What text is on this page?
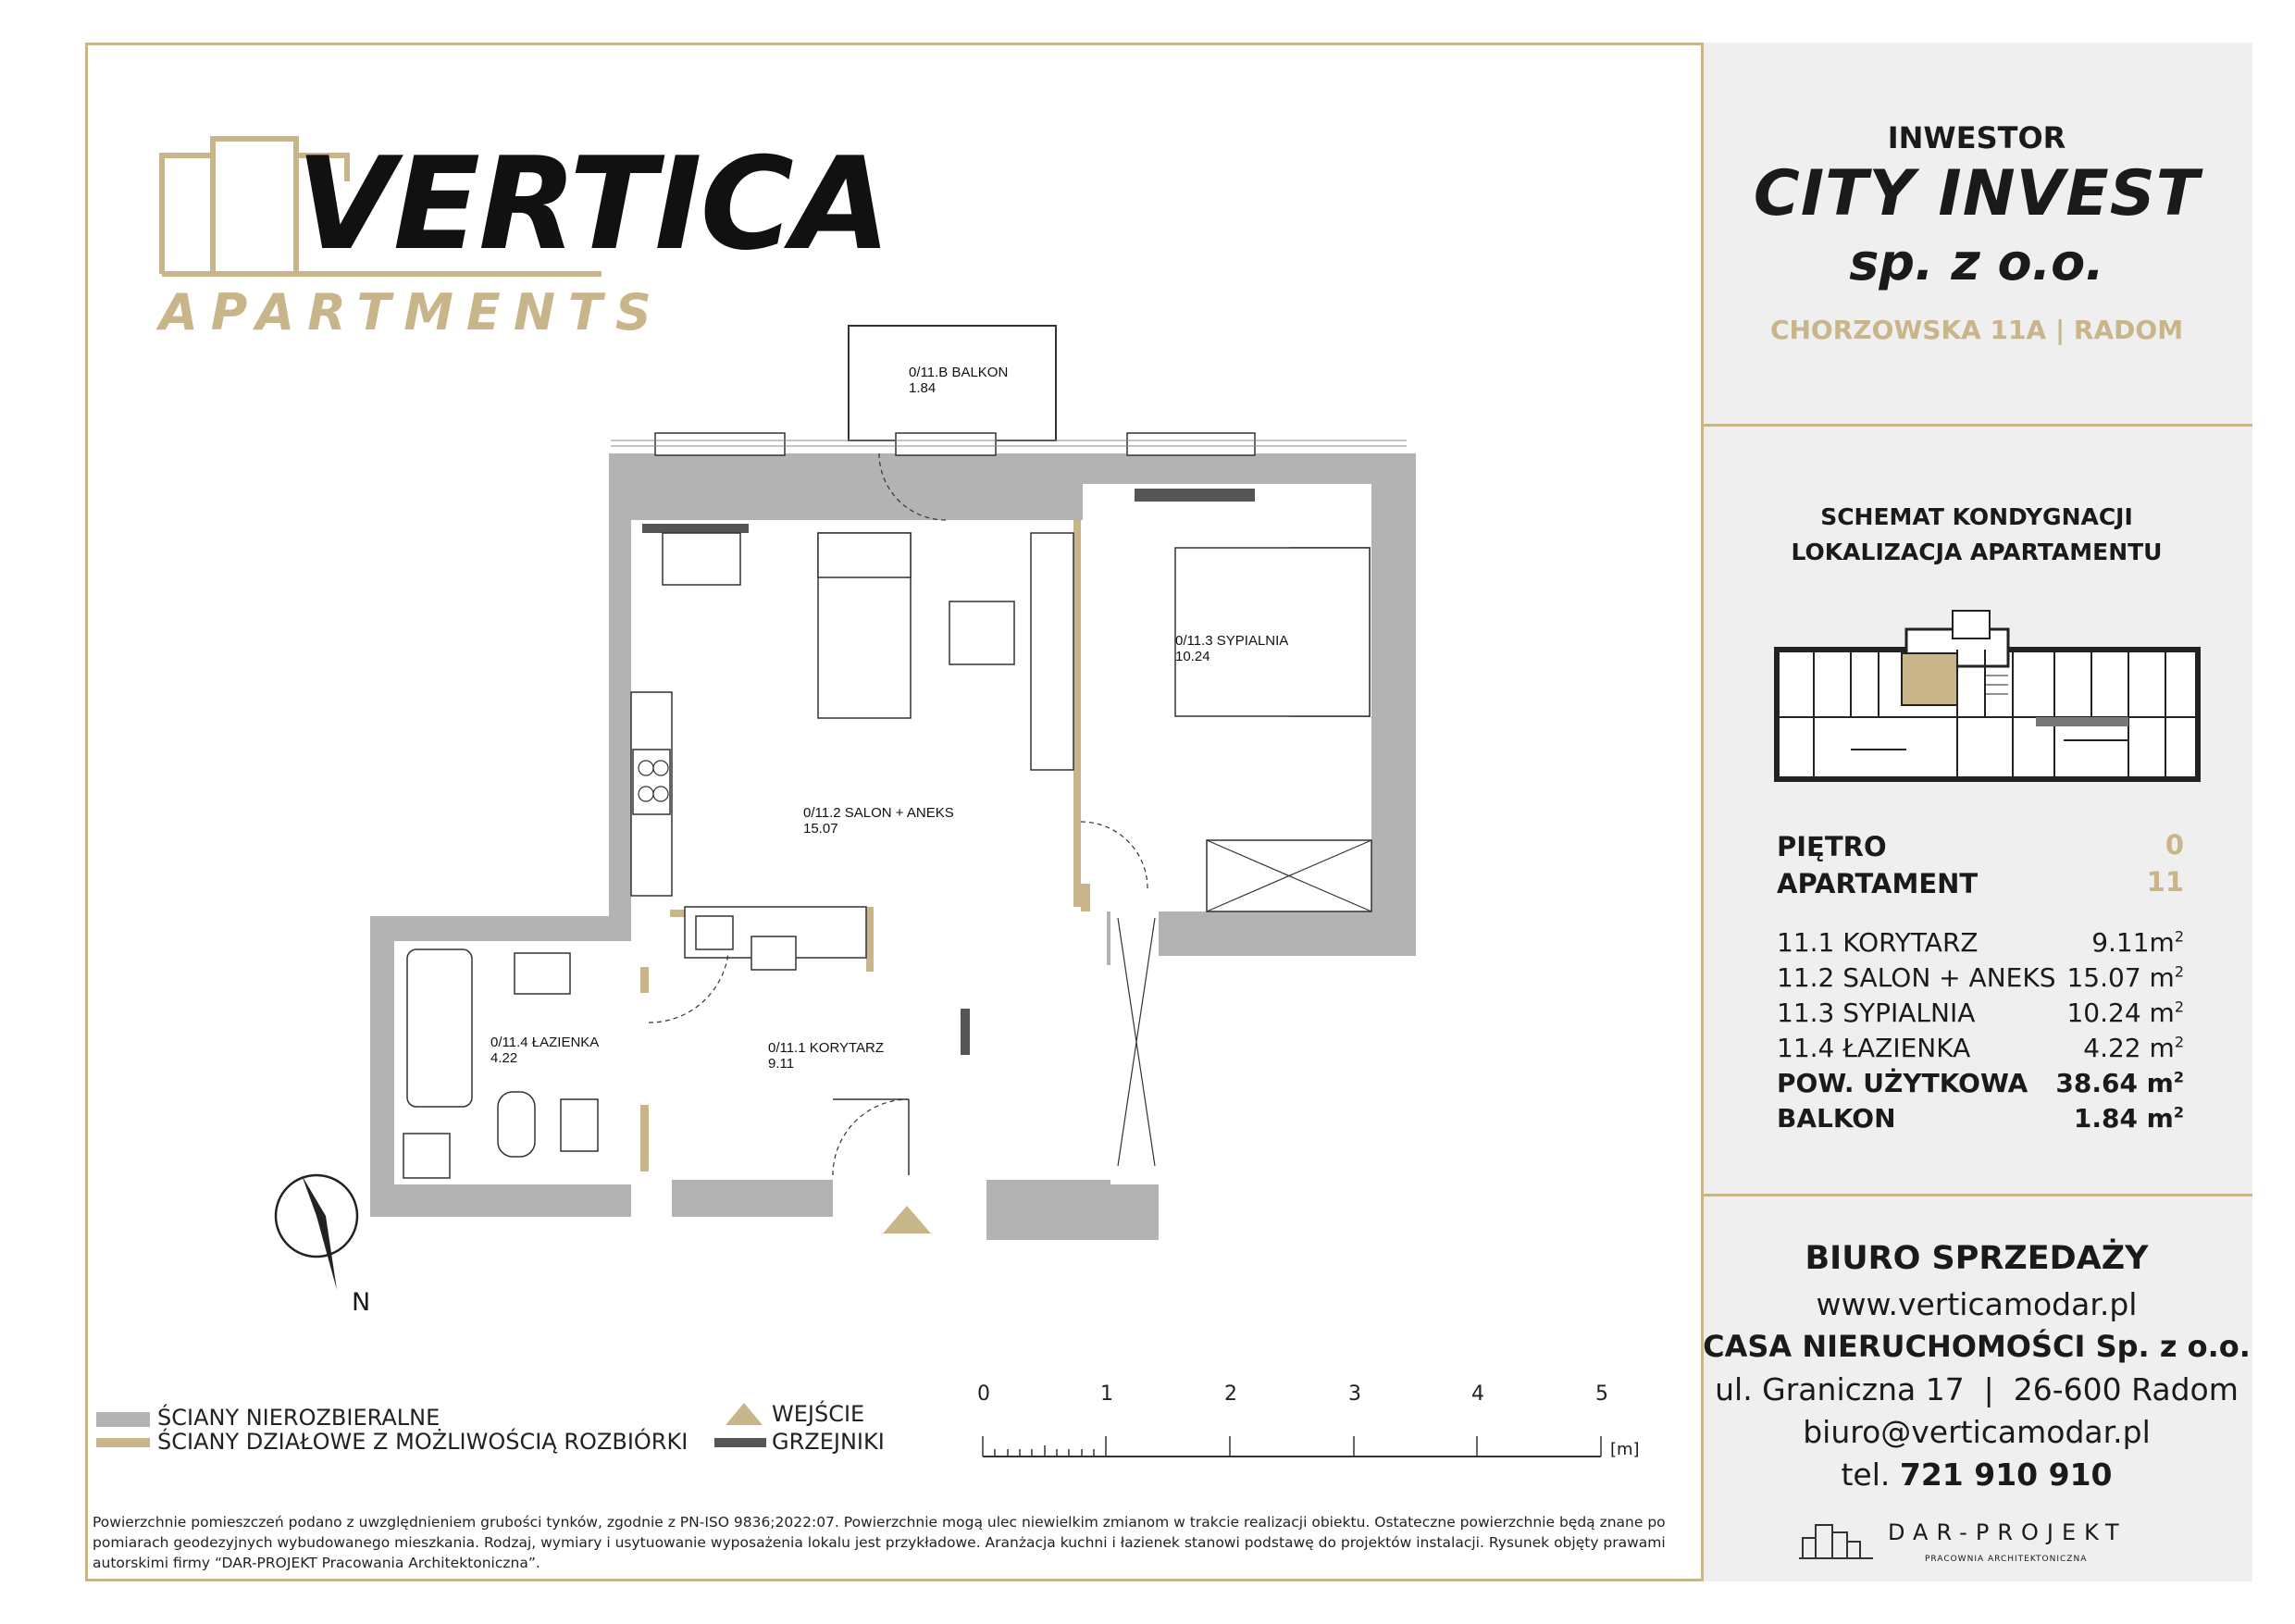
VERTICA
APARTMENTS
INWESTOR
CITY INVEST
sp. z o.o.
CHORZOWSKA 11A | RADOM
SCHEMAT KONDYGNACJI
LOKALIZACJA APARTAMENTU
PIĘTRO	0
APARTAMENT	11
11.1 KORYTARZ	$9.11m^2$
11.2 SALON + ANEKS 15.07 $m^2$
11.3 SYPIALNIA	10.24 $m^2$
11.4 ŁAZIENKA	4.22 $m^2$
POW. UŻYTKOWA 38.64 $m^2$
BALKON	1.84 $m^2$
BIURO SPRZEDAŻY
www.verticamodar.pl
CASA NIERUCHOMOŚCI Sp. z o.o.
ul. Graniczna 17  |  26-600 Radom
biuro@verticamodar.pl
tel. 721 910 910
DAR-PROJEKT
PRACOWNIA ARCHITEKTONICZNA
0/11.B BALKON
1.84
0/11.3 SYPIALNIA
10.24
0/11.2 SALON + ANEKS
15.07
0/11.4 ŁAZIENKA
4.22
0/11.1 KORYTARZ
9.11
N
ŚCIANY NIEROZBIERALNE
ŚCIANY DZIAŁOWE Z MOŻLIWOŚCIĄ ROZBIÓRKI
WEJŚCIE
GRZEJNIKI
0	1	2	3	4	5
[m]
Powierzchnie pomieszczeń podano z uwzględnieniem grubości tynków, zgodnie z PN-ISO 9836;2022:07. Powierzchnie mogą ulec niewielkim zmianom w trakcie realizacji obiektu. Ostateczne powierzchnie będą znane po
pomiarach geodezyjnych wybudowanego mieszkania. Rodzaj, wymiary i usytuowanie wyposażenia lokalu jest przykładowe. Aranżacja kuchni i łazienek stanowi podstawę do projektów instalacji. Rysunek objęty prawami
autorskimi firmy “DAR-PROJEKT Pracowania Architektoniczna”.
